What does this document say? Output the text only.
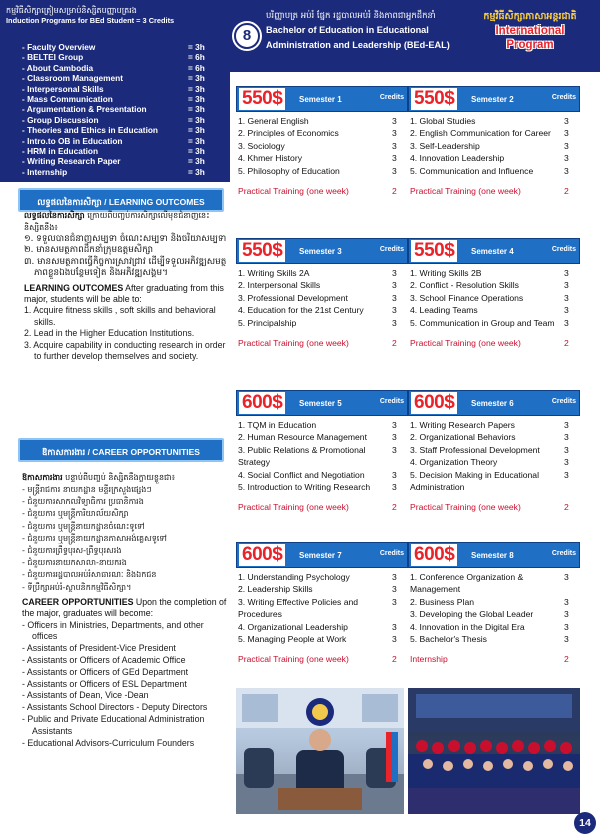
កម្មវិធីសិក្សាត្រៀមសម្រាប់និស្សិតបញ្ញាបត្ររង
Induction Programs for BEd Student = 3 Credits
8
បរិញ្ញាបត្រ អប់រំ ផ្នែក រដ្ឋបាលអប់រំ និងភាពជាអ្នកដឹកនាំ
Bachelor of Education in Educational
Administration and Leadership (BEd-EAL)
កម្មវិធីសិក្សាភាសាអន្តរជាតិ
International
Program
- Faculty Overview	= 3h
- BELTEI Group	= 6h
- About Cambodia	= 6h
- Classroom Management	= 3h
- Interpersonal Skills	= 3h
- Mass Communication	= 3h
- Argumentation & Presentation	= 3h
- Group Discussion	= 3h
- Theories and Ethics in Education	= 3h
- Intro.to OB in Education	= 3h
- HRM in Education	= 3h
- Writing Research Paper	= 3h
- Internship	= 3h
លទ្ធផលនៃការសិក្សា / LEARNING OUTCOMES

លទ្ធផលនៃការសិក្សា ក្រោយពីបញ្ចប់ការសិក្សាលើមុខជំនាញនេះ និស្សិតនឹង៖

១. ទទួលបានជំនាញសម្បទា ចំណេះសម្បទា និងចរិយាសម្បទា
២. មានសមត្ថភាពដឹកនាំក្រុមឧត្តមសិក្សា
៣. មានសមត្ថភាពធ្វើកិច្ចការស្រាវជ្រាវ ដើម្បីទទួលអភិវឌ្ឍសមត្ថភាពខ្លួនឯងបន្ថែមទៀត និងអភិវឌ្ឍសង្គម។

LEARNING OUTCOMES After graduating from this major, students will be able to:

1. Acquire fitness skills , soft skills and behavioral skills.
2. Lead in the Higher Education Institutions.
3. Acquire capability in conducting research in order to further develop themselves and society.
ឱកាសការងារ / CAREER OPPORTUNITIES

ឱកាសការងារ បន្ទាប់ពីបញ្ចប់ និស្សិតនឹងក្លាយខ្លួនជា៖

- មន្ត្រីរាជការ នាយកដ្ឋាន មន្ទីរក្រសួងផ្សេងៗ
- ជំនួយការសាកលវិទ្យាធិការ ប្រធានិការង
- ជំនួយការ ឬមន្ត្រីការិយាល័យសិក្សា
- ជំនួយការ ឬមន្ត្រីនាយកដ្ឋានចំណេះទូទៅ
- ជំនួយការ ឬមន្ត្រីនាយកដ្ឋានភាសាអង់គ្លេសទូទៅ
- ជំនួយការព្រឹទ្ធបុរស-ព្រឹទ្ធបុរសរង
- ជំនួយការនាយកសាលា-នាយករង
- ជំនួយការរដ្ឋបាលអប់រំសាធារណៈ និងឯកជន
- ទីប្រឹក្សាអប់រំ-ស្ថាបនិកកម្មវិធីសិក្សា។

CAREER OPPORTUNITIES Upon the completion of the major, graduates will become:

- Officers in Ministries, Departments, and other offices
- Assistants of President-Vice President
- Assistants or Officers of Academic Office
- Assistants or Officers of GEd Department
- Assistants or Officers of ESL Department
- Assistants of Dean, Vice -Dean
- Assistants School Directors - Deputy Directors
- Public and Private Educational Administration Assistants
- Educational Advisors-Curriculum Founders
550$	Semester 1	Credits
1. General English	3
2. Principles of Economics	3
3. Sociology	3
4. Khmer History	3
5. Philosophy of Education	3
Practical Training (one week)	2
550$	Semester 2	Credits
1. Global Studies	3
2. English Communication for Career	3
3. Self-Leadership	3
4. Innovation Leadership	3
5. Communication and Influence	3
Practical Training (one week)	2
550$	Semester 3	Credits
1. Writing Skills 2A	3
2. Interpersonal Skills	3
3. Professional Development	3
4. Education for the 21st Century	3
5. Principalship	3
Practical Training (one week)	2
550$	Semester 4	Credits
1. Writing Skills 2B	3
2. Conflict - Resolution Skills	3
3. School Finance Operations	3
4. Leading Teams	3
5. Communication in Group and Team	3
Practical Training (one week)	2
600$	Semester 5	Credits
1. TQM in Education	3
2. Human Resource Management	3
3. Public Relations & Promotional Strategy
3
4. Social Conflict and Negotiation	3
5. Introduction to Writing Research	3
Practical Training (one week)	2
600$	Semester 6	Credits
1. Writing Research Papers	3
2. Organizational Behaviors	3
3. Staff Professional Development	3
4. Organization Theory	3
5. Decision Making in Educational Administration
3
Practical Training (one week)	2
600$	Semester 7	Credits
1. Understanding Psychology	3
2. Leadership Skills	3
3. Writing Effective Policies and Procedures
3
4. Organizational Leadership	3
5. Managing People at Work	3
Practical Training (one week)	2
600$	Semester 8	Credits
1. Conference Organization & Management
3
2. Business Plan	3
3. Developing the Global Leader	3
4. Innovation in the Digital Era	3
5. Bachelor's Thesis	3
Internship	2
14
